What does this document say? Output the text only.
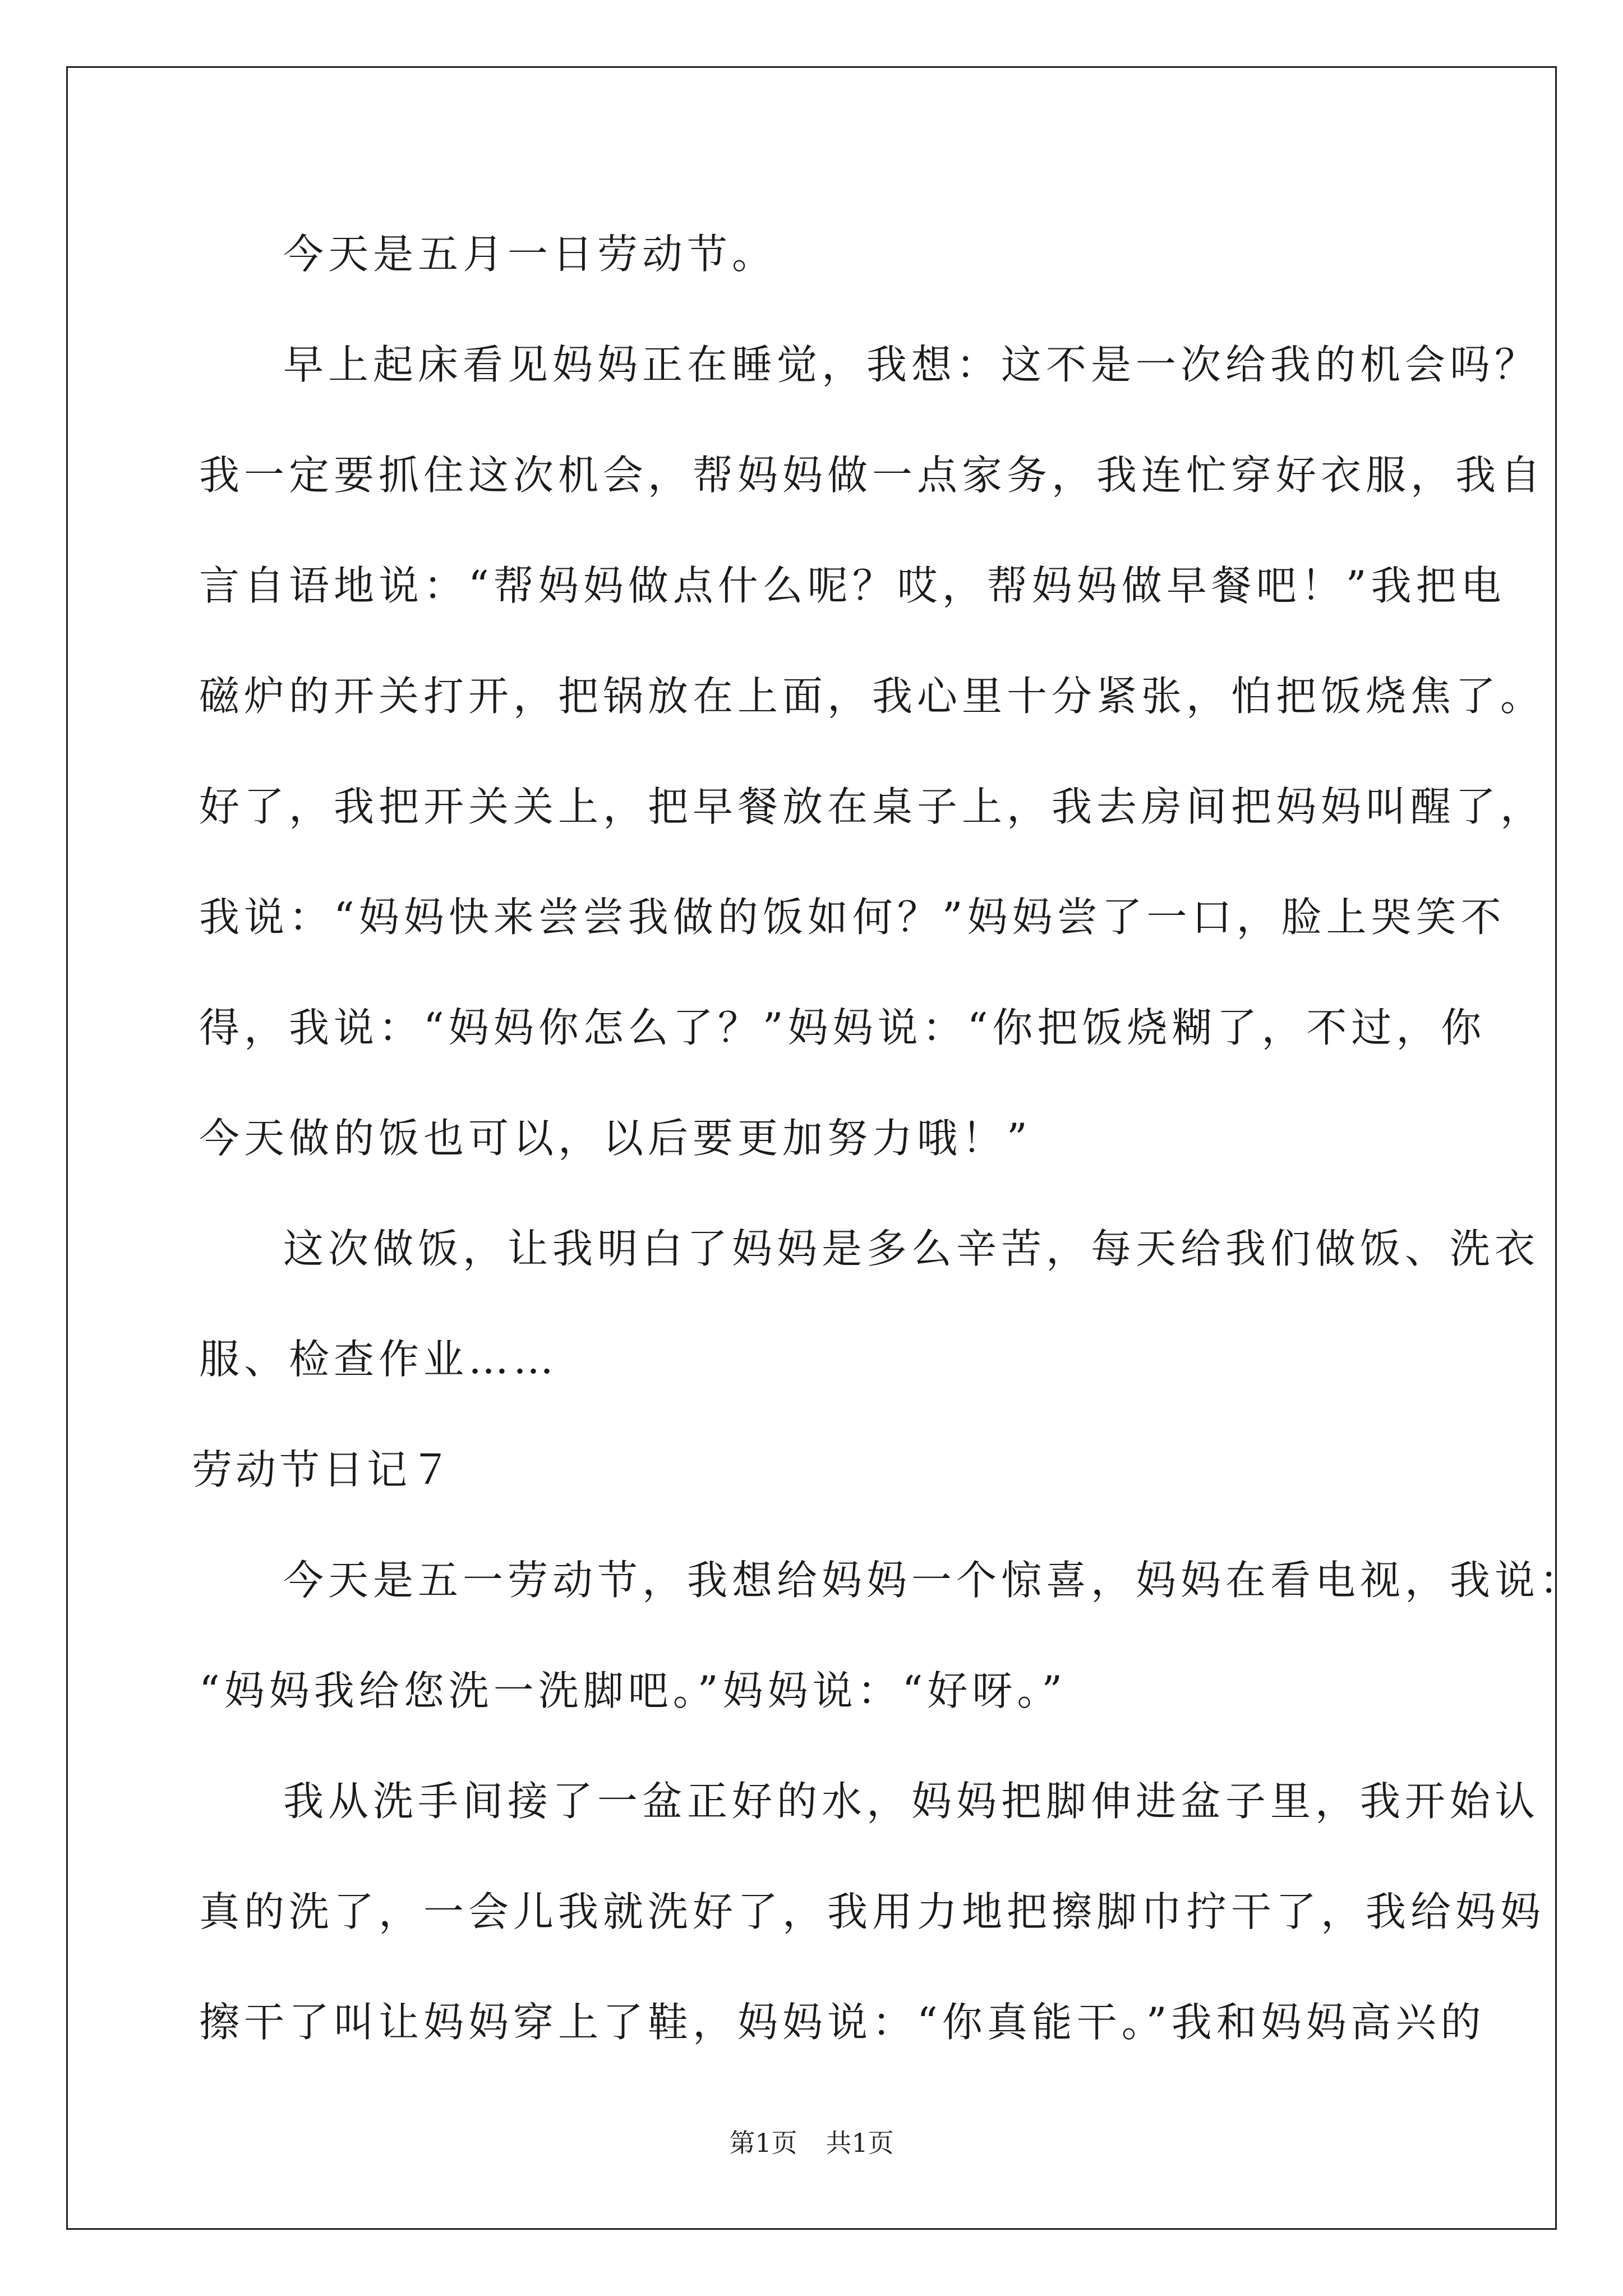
今天是五月一日劳动节。
早上起床看见妈妈正在睡觉，我想：这不是一次给我的机会吗？
我一定要抓住这次机会，帮妈妈做一点家务，我连忙穿好衣服，我自
言自语地说：“帮妈妈做点什么呢？哎，帮妈妈做早餐吧！”我把电
磁炉的开关打开，把锅放在上面，我心里十分紧张，怕把饭烧焦了。
好了，我把开关关上，把早餐放在桌子上，我去房间把妈妈叫醒了，
我说：“妈妈快来尝尝我做的饭如何？”妈妈尝了一口，脸上哭笑不
得，我说：“妈妈你怎么了？”妈妈说：“你把饭烧糊了，不过，你
今天做的饭也可以，以后要更加努力哦！”
这次做饭，让我明白了妈妈是多么辛苦，每天给我们做饭、洗衣
服、检查作业……
劳动节日记７
今天是五一劳动节，我想给妈妈一个惊喜，妈妈在看电视，我说：
“妈妈我给您洗一洗脚吧。”妈妈说：“好呀。”
我从洗手间接了一盆正好的水，妈妈把脚伸进盆子里，我开始认
真的洗了，一会儿我就洗好了，我用力地把擦脚巾拧干了，我给妈妈
擦干了叫让妈妈穿上了鞋，妈妈说：“你真能干。”我和妈妈高兴的
第1页 共1页
